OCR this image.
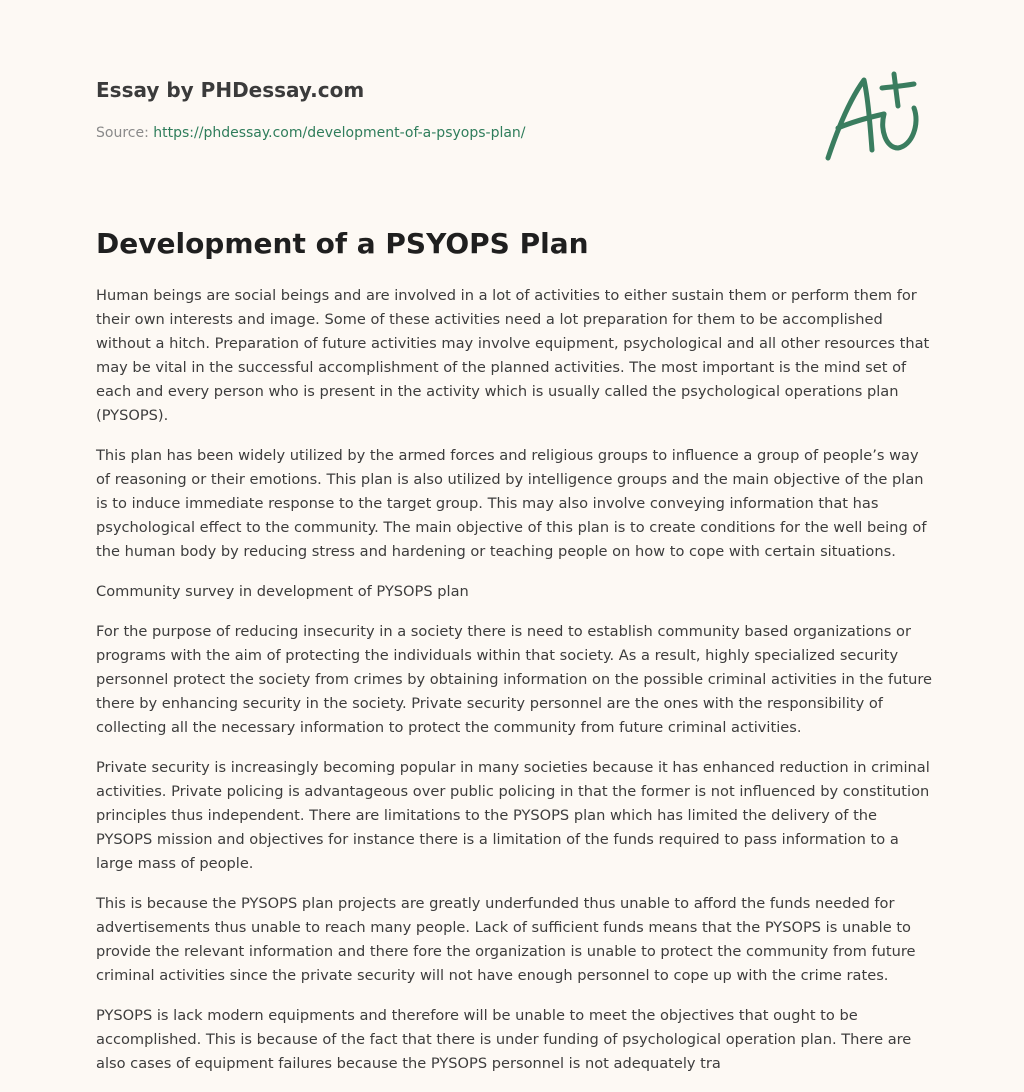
Essay by PHDessay.com

Source: https://phdessay.com/development-of-a-psyops-plan/
Development of a PSYOPS Plan

Human beings are social beings and are involved in a lot of activities to either sustain them or perform them for their own interests and image. Some of these activities need a lot preparation for them to be accomplished without a hitch. Preparation of future activities may involve equipment, psychological and all other resources that may be vital in the successful accomplishment of the planned activities. The most important is the mind set of each and every person who is present in the activity which is usually called the psychological operations plan (PYSOPS).

This plan has been widely utilized by the armed forces and religious groups to influence a group of people’s way of reasoning or their emotions. This plan is also utilized by intelligence groups and the main objective of the plan is to induce immediate response to the target group. This may also involve conveying information that has psychological effect to the community. The main objective of this plan is to create conditions for the well being of the human body by reducing stress and hardening or teaching people on how to cope with certain situations.

Community survey in development of PYSOPS plan

For the purpose of reducing insecurity in a society there is need to establish community based organizations or programs with the aim of protecting the individuals within that society. As a result, highly specialized security personnel protect the society from crimes by obtaining information on the possible criminal activities in the future there by enhancing security in the society. Private security personnel are the ones with the responsibility of collecting all the necessary information to protect the community from future criminal activities.

Private security is increasingly becoming popular in many societies because it has enhanced reduction in criminal activities. Private policing is advantageous over public policing in that the former is not influenced by constitution principles thus independent. There are limitations to the PYSOPS plan which has limited the delivery of the PYSOPS mission and objectives for instance there is a limitation of the funds required to pass information to a large mass of people.

This is because the PYSOPS plan projects are greatly underfunded thus unable to afford the funds needed for advertisements thus unable to reach many people. Lack of sufficient funds means that the PYSOPS is unable to provide the relevant information and there fore the organization is unable to protect the community from future criminal activities since the private security will not have enough personnel to cope up with the crime rates.

PYSOPS is lack modern equipments and therefore will be unable to meet the objectives that ought to be accomplished. This is because of the fact that there is under funding of psychological operation plan. There are also cases of equipment failures because the PYSOPS personnel is not adequately tra
